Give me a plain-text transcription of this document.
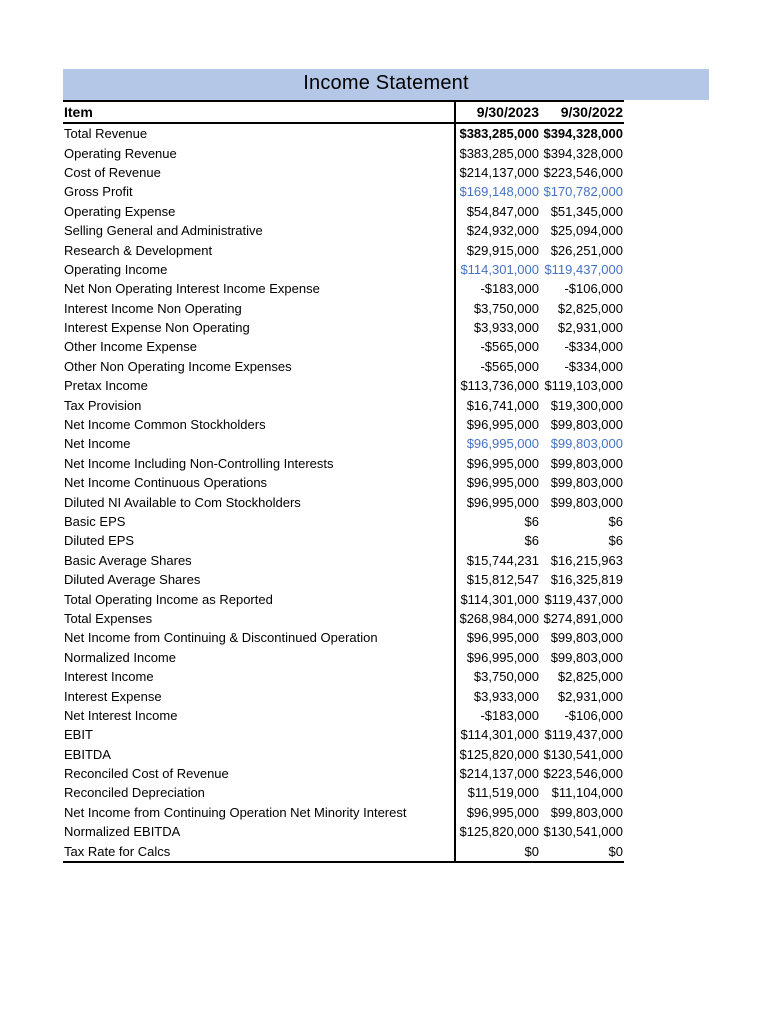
Income Statement
Item	9/30/2023	9/30/2022
Total Revenue	$383,285,000	$394,328,000
Operating Revenue	$383,285,000	$394,328,000
Cost of Revenue	$214,137,000	$223,546,000
Gross Profit	$169,148,000	$170,782,000
Operating Expense	$54,847,000	$51,345,000
Selling General and Administrative	$24,932,000	$25,094,000
Research & Development	$29,915,000	$26,251,000
Operating Income	$114,301,000	$119,437,000
Net Non Operating Interest Income Expense	-$183,000	-$106,000
Interest Income Non Operating	$3,750,000	$2,825,000
Interest Expense Non Operating	$3,933,000	$2,931,000
Other Income Expense	-$565,000	-$334,000
Other Non Operating Income Expenses	-$565,000	-$334,000
Pretax Income	$113,736,000	$119,103,000
Tax Provision	$16,741,000	$19,300,000
Net Income Common Stockholders	$96,995,000	$99,803,000
Net Income	$96,995,000	$99,803,000
Net Income Including Non-Controlling Interests	$96,995,000	$99,803,000
Net Income Continuous Operations	$96,995,000	$99,803,000
Diluted NI Available to Com Stockholders	$96,995,000	$99,803,000
Basic EPS	$6	$6
Diluted EPS	$6	$6
Basic Average Shares	$15,744,231	$16,215,963
Diluted Average Shares	$15,812,547	$16,325,819
Total Operating Income as Reported	$114,301,000	$119,437,000
Total Expenses	$268,984,000	$274,891,000
Net Income from Continuing & Discontinued Operation	$96,995,000	$99,803,000
Normalized Income	$96,995,000	$99,803,000
Interest Income	$3,750,000	$2,825,000
Interest Expense	$3,933,000	$2,931,000
Net Interest Income	-$183,000	-$106,000
EBIT	$114,301,000	$119,437,000
EBITDA	$125,820,000	$130,541,000
Reconciled Cost of Revenue	$214,137,000	$223,546,000
Reconciled Depreciation	$11,519,000	$11,104,000
Net Income from Continuing Operation Net Minority Interest	$96,995,000	$99,803,000
Normalized EBITDA	$125,820,000	$130,541,000
Tax Rate for Calcs	$0	$0
